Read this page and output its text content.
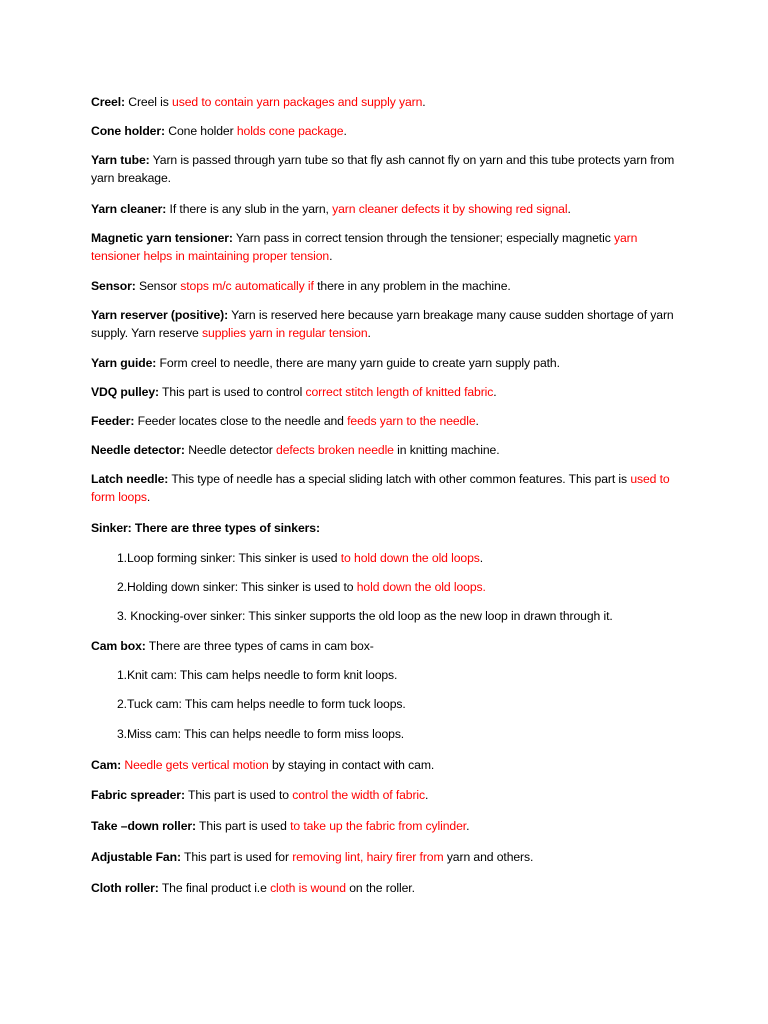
Creel: Creel is used to contain yarn packages and supply yarn.

Cone holder: Cone holder holds cone package.

Yarn tube: Yarn is passed through yarn tube so that fly ash cannot fly on yarn and this tube protects yarn from yarn breakage.

Yarn cleaner: If there is any slub in the yarn, yarn cleaner defects it by showing red signal.

Magnetic yarn tensioner: Yarn pass in correct tension through the tensioner; especially magnetic yarn tensioner helps in maintaining proper tension.

Sensor: Sensor stops m/c automatically if there in any problem in the machine.

Yarn reserver (positive): Yarn is reserved here because yarn breakage many cause sudden shortage of yarn supply. Yarn reserve supplies yarn in regular tension.

Yarn guide: Form creel to needle, there are many yarn guide to create yarn supply path.

VDQ pulley: This part is used to control correct stitch length of knitted fabric.

Feeder: Feeder locates close to the needle and feeds yarn to the needle.

Needle detector: Needle detector defects broken needle in knitting machine.

Latch needle: This type of needle has a special sliding latch with other common features. This part is used to form loops.

Sinker: There are three types of sinkers:

1.Loop forming sinker: This sinker is used to hold down the old loops.

2.Holding down sinker: This sinker is used to hold down the old loops.

3. Knocking-over sinker: This sinker supports the old loop as the new loop in drawn through it.

Cam box: There are three types of cams in cam box-

1.Knit cam: This cam helps needle to form knit loops.

2.Tuck cam: This cam helps needle to form tuck loops.

3.Miss cam: This can helps needle to form miss loops.

Cam: Needle gets vertical motion by staying in contact with cam.

Fabric spreader: This part is used to control the width of fabric.

Take –down roller: This part is used to take up the fabric from cylinder.

Adjustable Fan: This part is used for removing lint, hairy firer from yarn and others.

Cloth roller: The final product i.e cloth is wound on the roller.
